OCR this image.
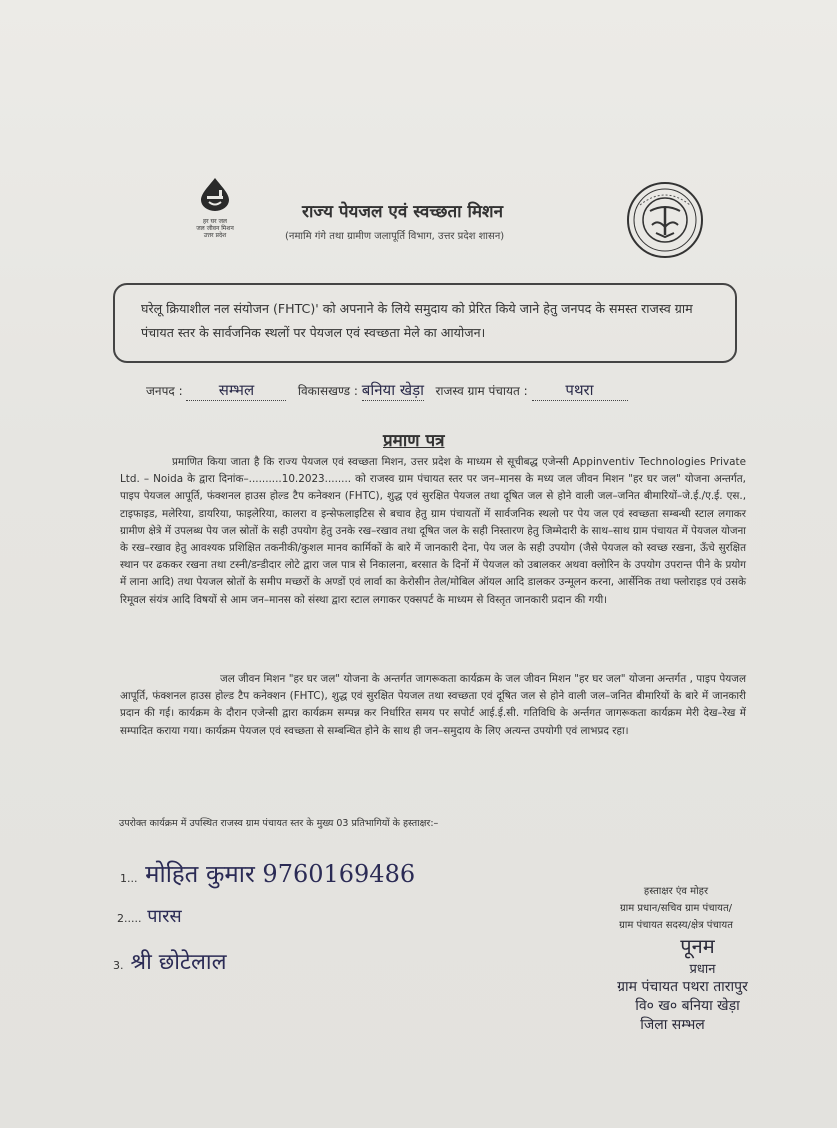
हर घर जल
जल जीवन मिशन
उत्तर प्रदेश
राज्य पेयजल एवं स्वच्छता मिशन
(नमामि गंगे तथा ग्रामीण जलापूर्ति विभाग, उत्तर प्रदेश शासन)
घरेलू क्रियाशील नल संयोजन (FHTC)' को अपनाने के लिये समुदाय को प्रेरित किये जाने हेतु जनपद के समस्त राजस्व ग्राम पंचायत स्तर के सार्वजनिक स्थलों पर पेयजल एवं स्वच्छता मेले का आयोजन।
जनपद : सम्भल	विकासखण्ड : बनिया खेड़ा राजस्व ग्राम पंचायत :	पथरा
प्रमाण पत्र
प्रमाणित किया जाता है कि राज्य पेयजल एवं स्वच्छता मिशन, उत्तर प्रदेश के माध्यम से सूचीबद्ध एजेन्सी Appinventiv Technologies Private Ltd. – Noida के द्वारा दिनांक–..........10.2023........ को राजस्व ग्राम पंचायत स्तर पर जन–मानस के मध्य जल जीवन मिशन "हर घर जल" योजना अन्तर्गत, पाइप पेयजल आपूर्ति, फंक्शनल हाउस होल्ड टैप कनेक्शन (FHTC), शुद्ध एवं सुरक्षित पेयजल तथा दूषित जल से होने वाली जल–जनित बीमारियों–जे.ई./ए.ई. एस., टाइफाइड, मलेरिया, डायरिया, फाइलेरिया, कालरा व इन्सेफलाइटिस से बचाव हेतु ग्राम पंचायतों में सार्वजनिक स्थलो पर पेय जल एवं स्वच्छता सम्बन्धी स्टाल लगाकर ग्रामीण क्षेत्रे में उपलब्ध पेय जल स्रोतों के सही उपयोग हेतु उनके रख–रखाव तथा दूषित जल के सही निस्तारण हेतु जिम्मेदारी के साथ–साथ ग्राम पंचायत में पेयजल योजना के रख–रखाव हेतु आवश्यक प्रशिक्षित तकनीकी/कुशल मानव कार्मिकों के बारे में जानकारी देना, पेय जल के सही उपयोग (जैसे पेयजल को स्वच्छ रखना, ऊँचे सुरक्षित स्थान पर ढककर रखना तथा टस्नी/डन्डीदार लोटे द्वारा जल पात्र से निकालना, बरसात के दिनों में पेयजल को उबालकर अथवा क्लोरिन के उपयोग उपरान्त पीने के प्रयोग में लाना आदि) तथा पेयजल स्रोतों के समीप मच्छरों के अण्डों एवं लार्वा का केरोसीन तेल/मोबिल ऑयल आदि डालकर उन्मूलन करना, आर्सेनिक तथा फ्लोराइड एवं उसके रिमूवल संयंत्र आदि विषयों से आम जन–मानस को संस्था द्वारा स्टाल लगाकर एक्सपर्ट के माध्यम से विस्तृत जानकारी प्रदान की गयी।
जल जीवन मिशन "हर घर जल" योजना के अन्तर्गत जागरूकता कार्यक्रम के जल जीवन मिशन "हर घर जल" योजना अन्तर्गत , पाइप पेयजल आपूर्ति, फंक्शनल हाउस होल्ड टैप कनेक्शन (FHTC), शुद्ध एवं सुरक्षित पेयजल तथा स्वच्छता एवं दूषित जल से होने वाली जल–जनित बीमारियों के बारे में जानकारी प्रदान की गई। कार्यक्रम के दौरान एजेन्सी द्वारा कार्यक्रम सम्पन्न कर निर्धारित समय पर सपोर्ट आई.ई.सी. गतिविधि के अर्न्तगत जागरूकता कार्यक्रम मेरी देख–रेख में सम्पादित कराया गया। कार्यक्रम पेयजल एवं स्वच्छता से सम्बन्धित होने के साथ ही जन–समुदाय के लिए अत्यन्त उपयोगी एवं लाभप्रद रहा।
उपरोक्त कार्यक्रम में उपस्थित राजस्व ग्राम पंचायत स्तर के मुख्य 03 प्रतिभागियों के हस्ताक्षर:–
1... मोहित कुमार 9760169486
2..... पारस
3. श्री छोटेलाल
हस्ताक्षर एंव मोहर
ग्राम प्रधान/सचिव ग्राम पंचायत/
ग्राम पंचायत सदस्य/क्षेत्र पंचायत
पूनम
प्रधान
ग्राम पंचायत पथरा तारापुर
वि० ख० बनिया खेड़ा
जिला सम्भल
